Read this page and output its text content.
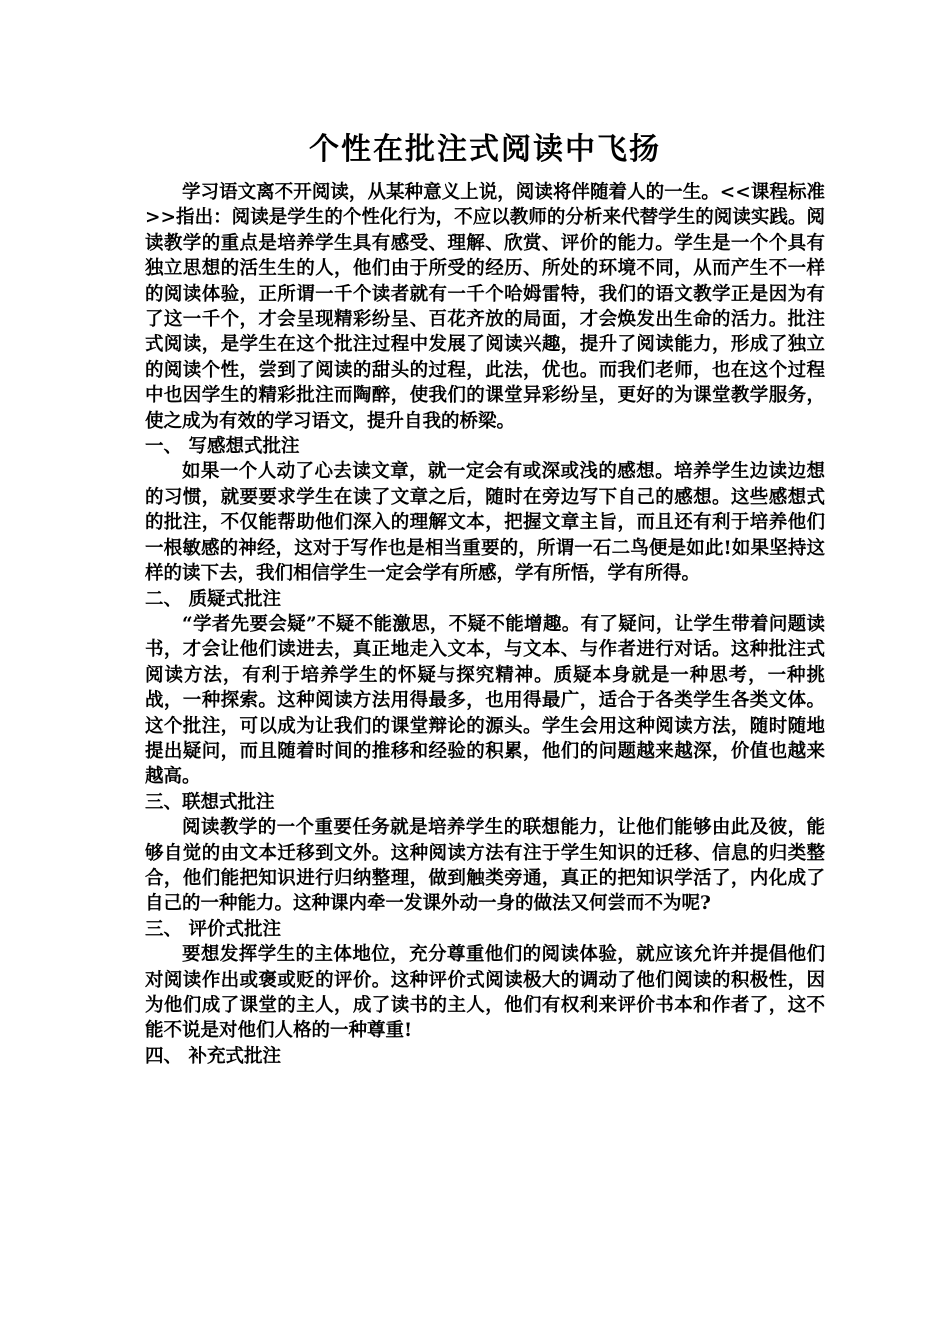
个性在批注式阅读中飞扬

学习语文离不开阅读，从某种意义上说，阅读将伴随着人的一生。<<课程标准>>指出：阅读是学生的个性化行为，不应以教师的分析来代替学生的阅读实践。阅读教学的重点是培养学生具有感受、理解、欣赏、评价的能力。学生是一个个具有独立思想的活生生的人，他们由于所受的经历、所处的环境不同，从而产生不一样的阅读体验，正所谓一千个读者就有一千个哈姆雷特，我们的语文教学正是因为有了这一千个，才会呈现精彩纷呈、百花齐放的局面，才会焕发出生命的活力。批注式阅读，是学生在这个批注过程中发展了阅读兴趣，提升了阅读能力，形成了独立的阅读个性，尝到了阅读的甜头的过程，此法，优也。而我们老师，也在这个过程中也因学生的精彩批注而陶醉，使我们的课堂异彩纷呈，更好的为课堂教学服务，使之成为有效的学习语文，提升自我的桥梁。

一、 写感想式批注

如果一个人动了心去读文章，就一定会有或深或浅的感想。培养学生边读边想的习惯，就要要求学生在读了文章之后，随时在旁边写下自己的感想。这些感想式的批注，不仅能帮助他们深入的理解文本，把握文章主旨，而且还有利于培养他们一根敏感的神经，这对于写作也是相当重要的，所谓一石二鸟便是如此!如果坚持这样的读下去，我们相信学生一定会学有所感，学有所悟，学有所得。

二、 质疑式批注

“学者先要会疑”不疑不能激思，不疑不能增趣。有了疑问，让学生带着问题读书，才会让他们读进去，真正地走入文本，与文本、与作者进行对话。这种批注式阅读方法，有利于培养学生的怀疑与探究精神。质疑本身就是一种思考，一种挑战，一种探索。这种阅读方法用得最多，也用得最广，适合于各类学生各类文体。这个批注，可以成为让我们的课堂辩论的源头。学生会用这种阅读方法，随时随地提出疑问，而且随着时间的推移和经验的积累，他们的问题越来越深，价值也越来越高。

三、联想式批注

阅读教学的一个重要任务就是培养学生的联想能力，让他们能够由此及彼，能够自觉的由文本迁移到文外。这种阅读方法有注于学生知识的迁移、信息的归类整合，他们能把知识进行归纳整理，做到触类旁通，真正的把知识学活了，内化成了自己的一种能力。这种课内牵一发课外动一身的做法又何尝而不为呢?

三、 评价式批注

要想发挥学生的主体地位，充分尊重他们的阅读体验，就应该允许并提倡他们对阅读作出或褒或贬的评价。这种评价式阅读极大的调动了他们阅读的积极性，因为他们成了课堂的主人，成了读书的主人，他们有权利来评价书本和作者了，这不能不说是对他们人格的一种尊重!

四、 补充式批注
